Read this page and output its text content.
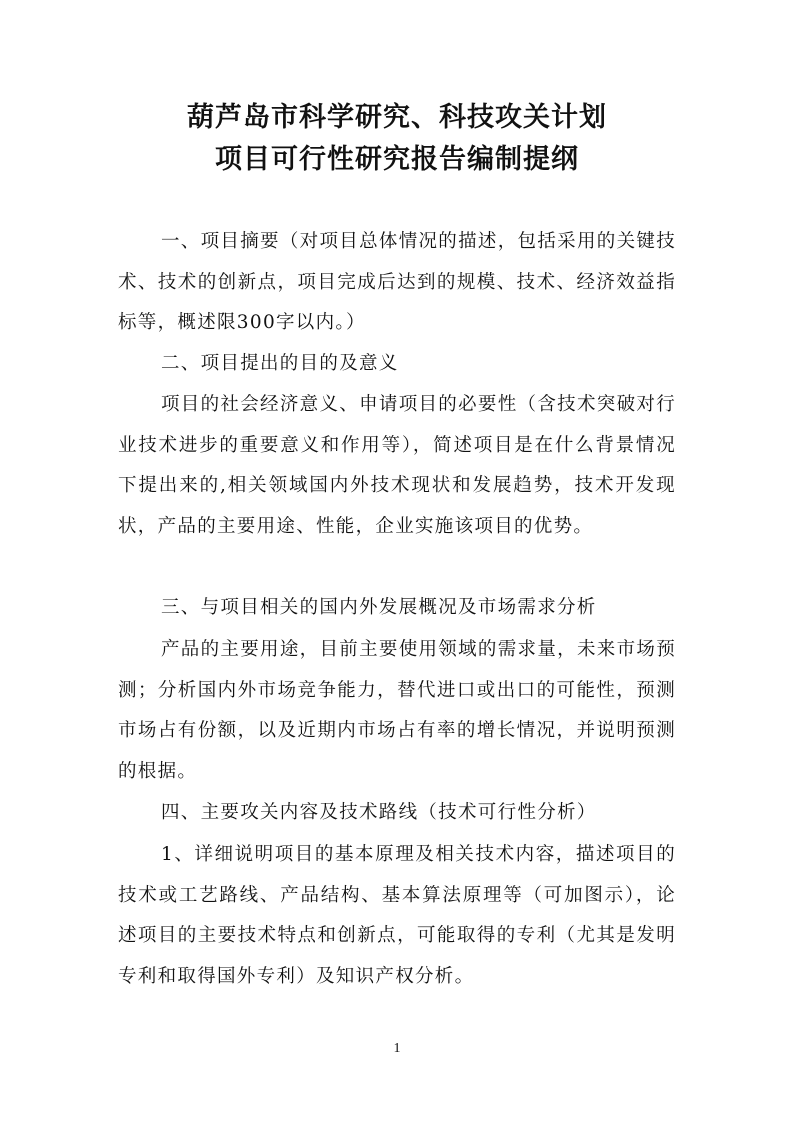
葫芦岛市科学研究、科技攻关计划
项目可行性研究报告编制提纲

一、项目摘要（对项目总体情况的描述，包括采用的关键技术、技术的创新点，项目完成后达到的规模、技术、经济效益指标等，概述限300字以内。）

二、项目提出的目的及意义

项目的社会经济意义、申请项目的必要性（含技术突破对行业技术进步的重要意义和作用等），简述项目是在什么背景情况下提出来的,相关领域国内外技术现状和发展趋势，技术开发现状，产品的主要用途、性能，企业实施该项目的优势。

三、与项目相关的国内外发展概况及市场需求分析

产品的主要用途，目前主要使用领域的需求量，未来市场预测；分析国内外市场竞争能力，替代进口或出口的可能性，预测市场占有份额，以及近期内市场占有率的增长情况，并说明预测的根据。

四、主要攻关内容及技术路线（技术可行性分析）

1、详细说明项目的基本原理及相关技术内容，描述项目的技术或工艺路线、产品结构、基本算法原理等（可加图示），论述项目的主要技术特点和创新点，可能取得的专利（尤其是发明专利和取得国外专利）及知识产权分析。

1
